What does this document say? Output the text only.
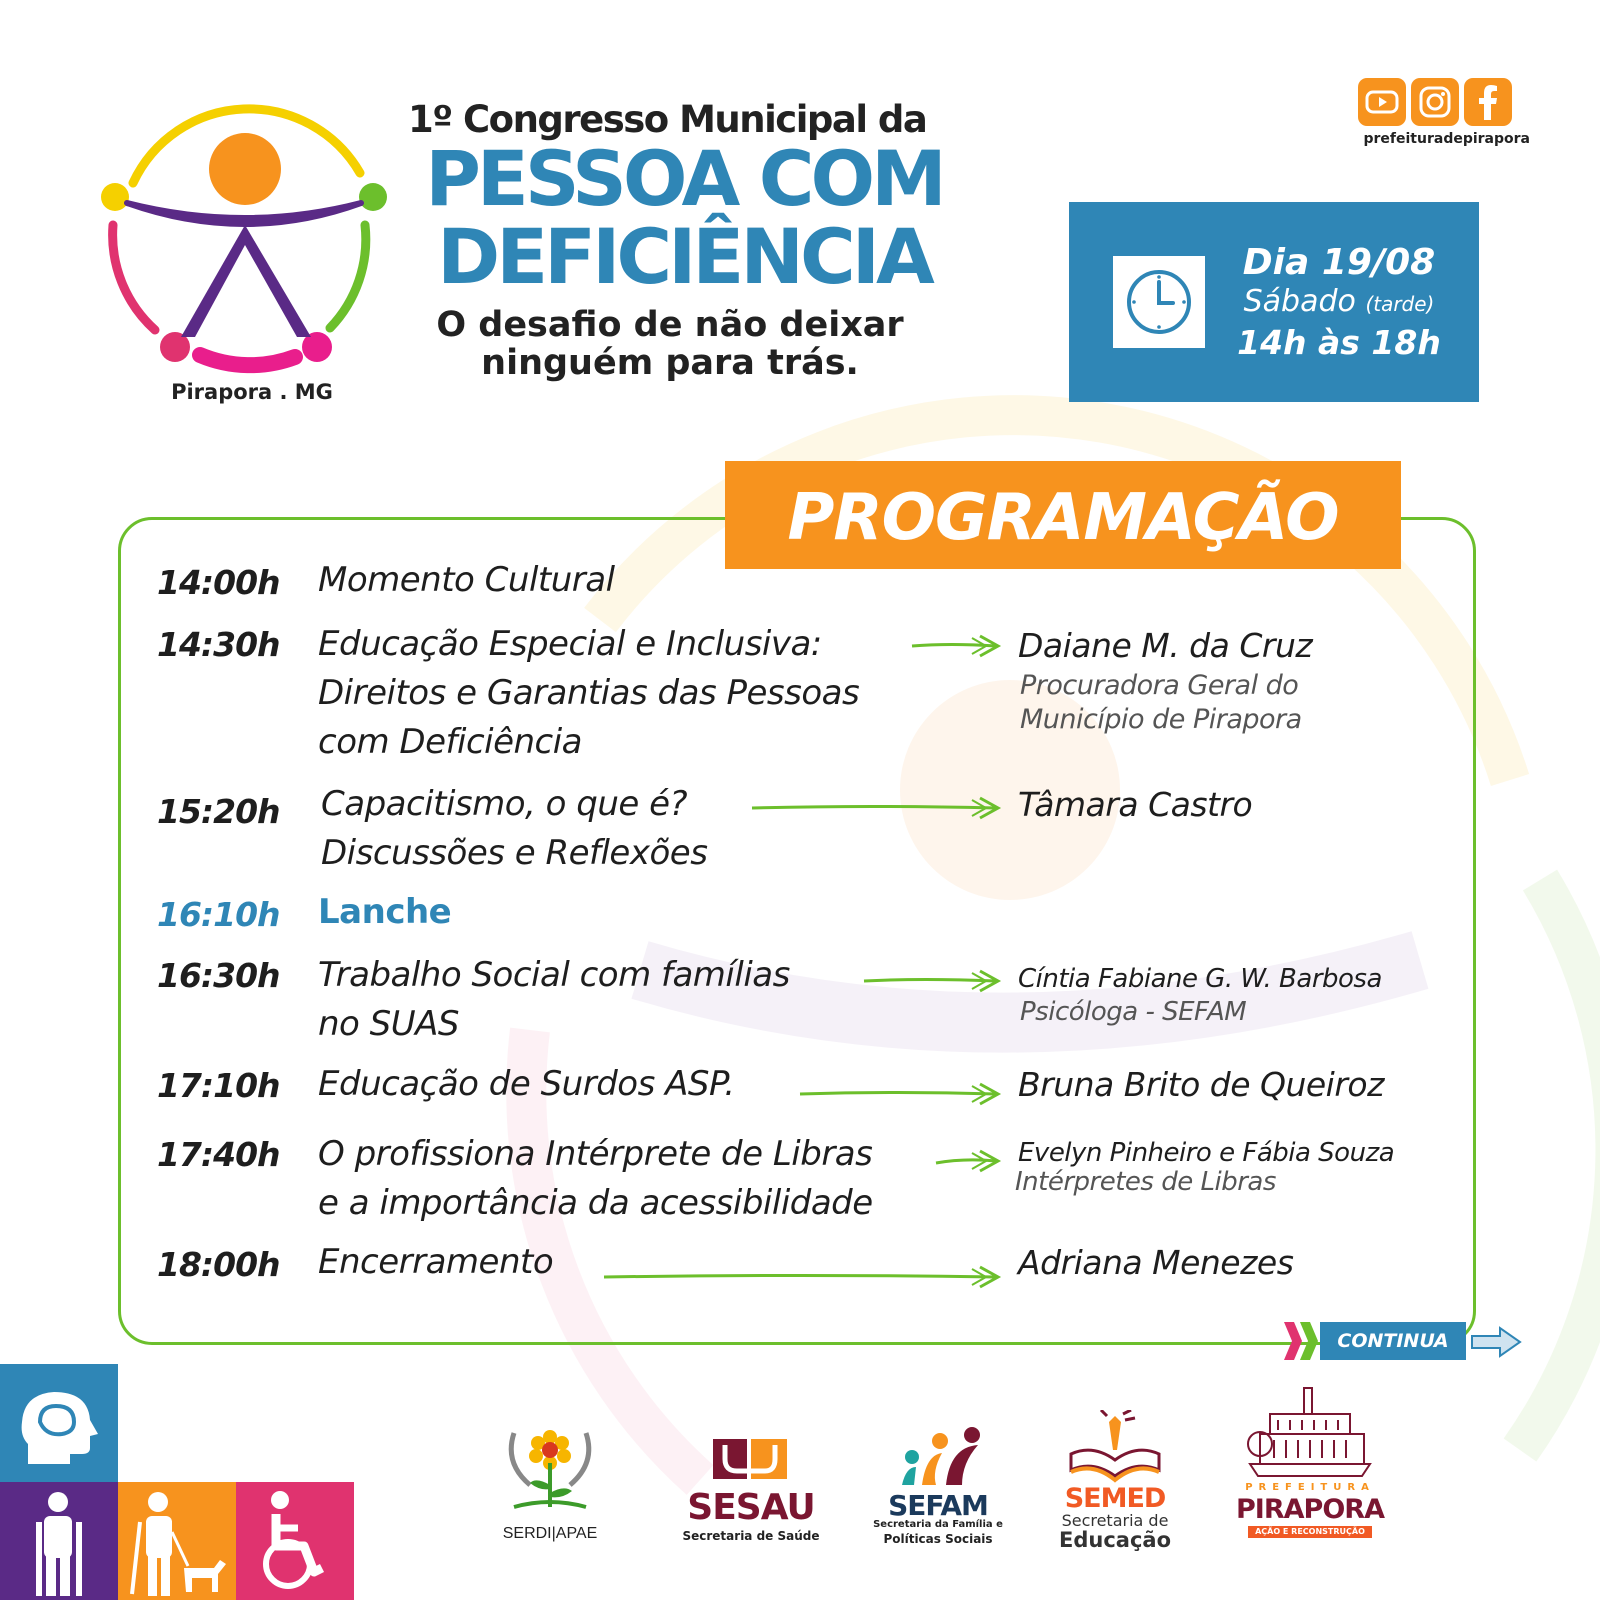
Pirapora . MG
1º Congresso Municipal da
PESSOA COM
DEFICIÊNCIA
O desafio de não deixar ninguém para trás.
prefeituradepirapora
Dia 19/08
Sábado (tarde)
14h às 18h
PROGRAMAÇÃO
14:00h Momento Cultural
14:30h Educação Especial e Inclusiva:
Direitos e Garantias das Pessoas
com Deficiência
Daiane M. da Cruz
Procuradora Geral do
Município de Pirapora
15:20h Capacitismo, o que é?
Discussões e Reflexões
Tâmara Castro
16:10h Lanche
16:30h Trabalho Social com famílias
no SUAS
Cíntia Fabiane G. W. Barbosa
Psicóloga - SEFAM
17:10h Educação de Surdos ASP.	Bruna Brito de Queiroz
17:40h O profissiona Intérprete de Libras
e a importância da acessibilidade
Evelyn Pinheiro e Fábia Souza
Intérpretes de Libras
18:00h Encerramento	Adriana Menezes
CONTINUA
SERDI|APAE
SESAU
Secretaria de Saúde
SEFAM
Secretaria da Família e
Políticas Sociais
SEMED
Secretaria de
Educação
PREFEITURA
PIRAPORA
AÇÃO E RECONSTRUÇÃO
